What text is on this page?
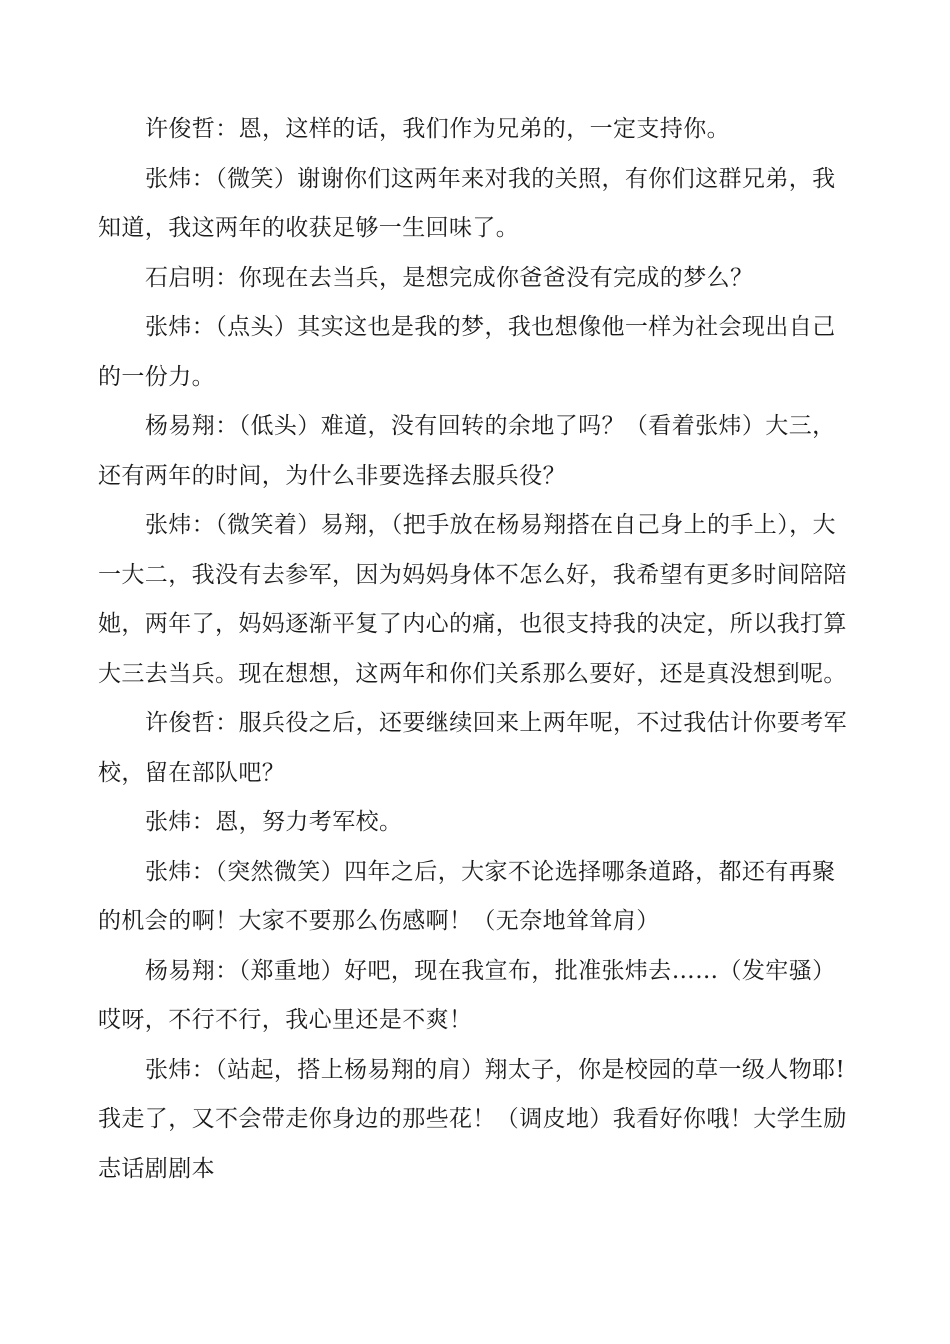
许俊哲：恩，这样的话，我们作为兄弟的，一定支持你。

张炜：（微笑）谢谢你们这两年来对我的关照，有你们这群兄弟，我知道，我这两年的收获足够一生回味了。

石启明：你现在去当兵，是想完成你爸爸没有完成的梦么？

张炜：（点头）其实这也是我的梦，我也想像他一样为社会现出自己的一份力。

杨易翔：（低头）难道，没有回转的余地了吗？（看着张炜）大三，还有两年的时间，为什么非要选择去服兵役？

张炜：（微笑着）易翔，（把手放在杨易翔搭在自己身上的手上），大一大二，我没有去参军，因为妈妈身体不怎么好，我希望有更多时间陪陪她，两年了，妈妈逐渐平复了内心的痛，也很支持我的决定，所以我打算大三去当兵。现在想想，这两年和你们关系那么要好，还是真没想到呢。

许俊哲：服兵役之后，还要继续回来上两年呢，不过我估计你要考军校，留在部队吧？

张炜：恩，努力考军校。

张炜：（突然微笑）四年之后，大家不论选择哪条道路，都还有再聚的机会的啊！大家不要那么伤感啊！（无奈地耸耸肩）

杨易翔：（郑重地）好吧，现在我宣布，批准张炜去……（发牢骚）哎呀，不行不行，我心里还是不爽！

张炜：（站起，搭上杨易翔的肩）翔太子，你是校园的草一级人物耶!我走了，又不会带走你身边的那些花！（调皮地）我看好你哦！大学生励志话剧剧本
